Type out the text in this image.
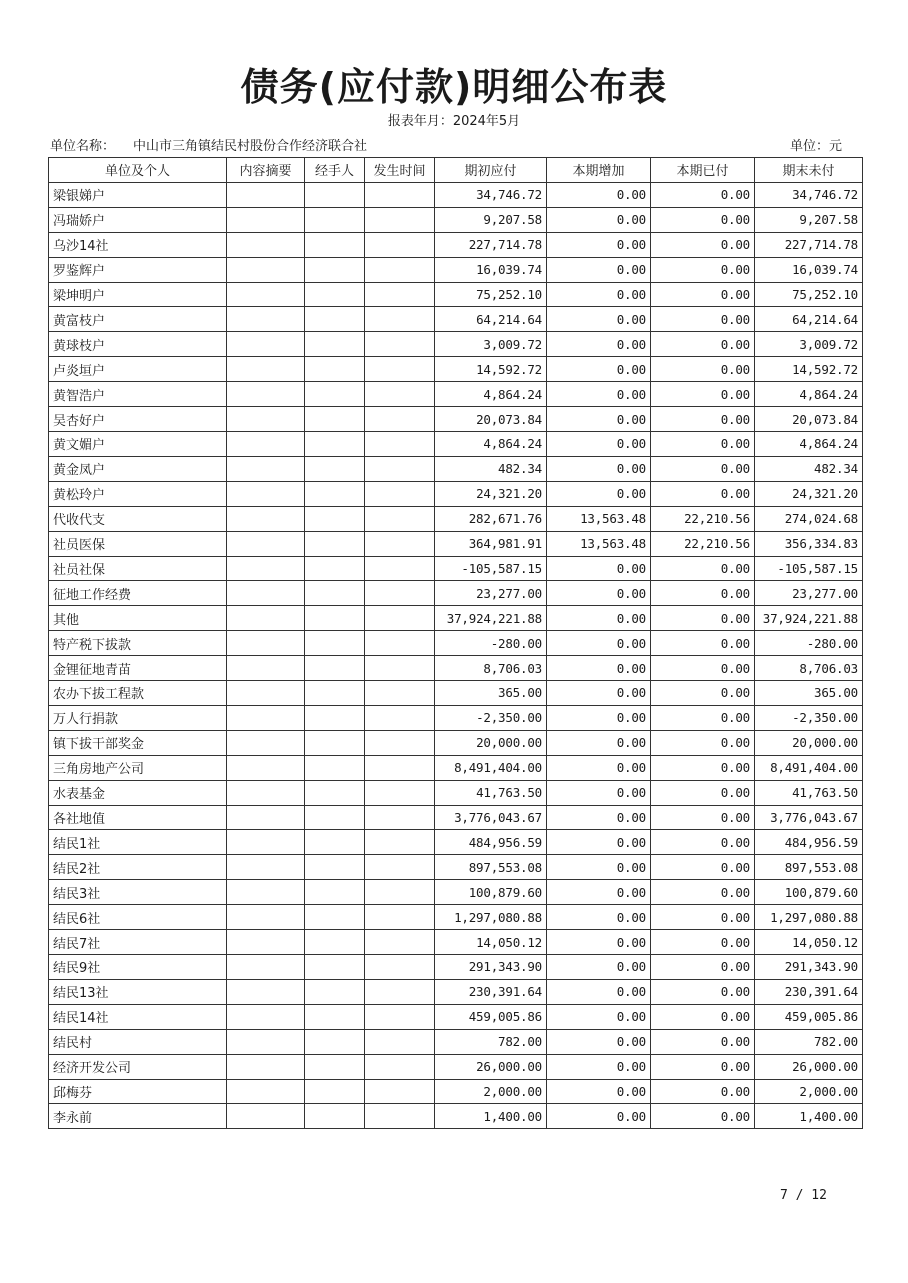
债务(应付款)明细公布表
报表年月：2024年5月
单位名称： 中山市三角镇结民村股份合作经济联合社	单位：元
单位及个人	内容摘要	经手人	发生时间	期初应付	本期增加	本期已付	期末未付
梁银娣户				34,746.72	0.00	0.00	34,746.72
冯瑞娇户				9,207.58	0.00	0.00	9,207.58
乌沙14社				227,714.78	0.00	0.00	227,714.78
罗鉴辉户				16,039.74	0.00	0.00	16,039.74
梁坤明户				75,252.10	0.00	0.00	75,252.10
黄富枝户				64,214.64	0.00	0.00	64,214.64
黄球枝户				3,009.72	0.00	0.00	3,009.72
卢炎垣户				14,592.72	0.00	0.00	14,592.72
黄智浩户				4,864.24	0.00	0.00	4,864.24
吴杏好户				20,073.84	0.00	0.00	20,073.84
黄文媚户				4,864.24	0.00	0.00	4,864.24
黄金凤户				482.34	0.00	0.00	482.34
黄松玲户				24,321.20	0.00	0.00	24,321.20
代收代支				282,671.76	13,563.48	22,210.56	274,024.68
社员医保				364,981.91	13,563.48	22,210.56	356,334.83
社员社保				-105,587.15	0.00	0.00	-105,587.15
征地工作经费				23,277.00	0.00	0.00	23,277.00
其他				37,924,221.88	0.00	0.00	37,924,221.88
特产税下拔款				-280.00	0.00	0.00	-280.00
金锂征地青苗				8,706.03	0.00	0.00	8,706.03
农办下拔工程款				365.00	0.00	0.00	365.00
万人行捐款				-2,350.00	0.00	0.00	-2,350.00
镇下拔干部奖金				20,000.00	0.00	0.00	20,000.00
三角房地产公司				8,491,404.00	0.00	0.00	8,491,404.00
水表基金				41,763.50	0.00	0.00	41,763.50
各社地值				3,776,043.67	0.00	0.00	3,776,043.67
结民1社				484,956.59	0.00	0.00	484,956.59
结民2社				897,553.08	0.00	0.00	897,553.08
结民3社				100,879.60	0.00	0.00	100,879.60
结民6社				1,297,080.88	0.00	0.00	1,297,080.88
结民7社				14,050.12	0.00	0.00	14,050.12
结民9社				291,343.90	0.00	0.00	291,343.90
结民13社				230,391.64	0.00	0.00	230,391.64
结民14社				459,005.86	0.00	0.00	459,005.86
结民村				782.00	0.00	0.00	782.00
经济开发公司				26,000.00	0.00	0.00	26,000.00
邱梅芬				2,000.00	0.00	0.00	2,000.00
李永前				1,400.00	0.00	0.00	1,400.00
7 / 12
